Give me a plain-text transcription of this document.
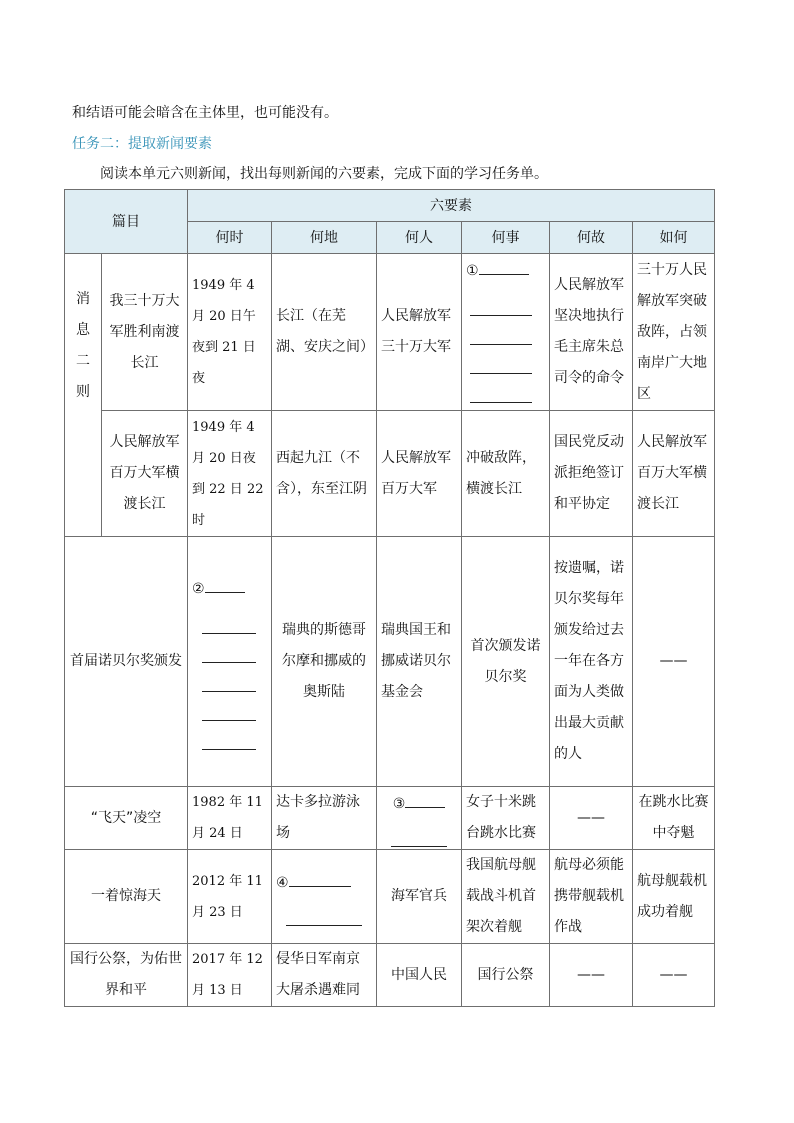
和结语可能会暗含在主体里，也可能没有。
任务二：提取新闻要素
阅读本单元六则新闻，找出每则新闻的六要素，完成下面的学习任务单。
篇目		六要素					
		何时	何地	何人	何事	何故	如何

消
息
二
则	我三十万大军胜利南渡长江	1949 年 4 月 20 日午夜到 21 日夜	长江（在芜湖、安庆之间）	人民解放军三十万大军	①	人民解放军坚决地执行毛主席朱总司令的命令	三十万人民解放军突破敌阵，占领南岸广大地区
	人民解放军百万大军横渡长江	1949 年 4 月 20 日夜到 22 日 22 时	西起九江（不含），东至江阴	人民解放军百万大军	冲破敌阵，横渡长江	国民党反动派拒绝签订和平协定	人民解放军百万大军横渡长江
首届诺贝尔奖颁发		②	瑞典的斯德哥尔摩和挪威的奥斯陆	瑞典国王和挪威诺贝尔基金会	首次颁发诺贝尔奖	按遗嘱，诺贝尔奖每年颁发给过去一年在各方面为人类做出最大贡献的人	——
“飞天”凌空		1982 年 11 月 24 日	达卡多拉游泳场	③	女子十米跳台跳水比赛	——	在跳水比赛中夺魁
一着惊海天		2012 年 11 月 23 日	④	海军官兵	我国航母舰载战斗机首架次着舰	航母必须能携带舰载机作战	航母舰载机成功着舰
国行公祭，为佑世界和平		2017 年 12 月 13 日	侵华日军南京大屠杀遇难同	中国人民	国行公祭	——	——
